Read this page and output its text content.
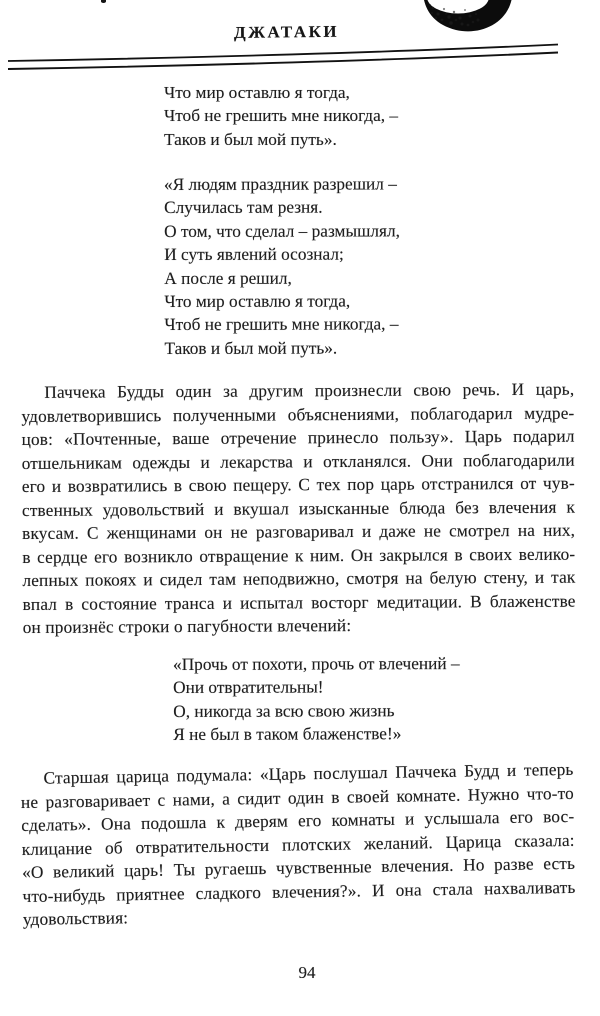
ДЖАТАКИ
Что мир оставлю я тогда,
Чтоб не грешить мне никогда, –
Таков и был мой путь».
«Я людям праздник разрешил –
Случилась там резня.
О том, что сделал – размышлял,
И суть явлений осознал;
А после я решил,
Что мир оставлю я тогда,
Чтоб не грешить мне никогда, –
Таков и был мой путь».
Паччека Будды один за другим произнесли свою речь. И царь,
удовлетворившись полученными объяснениями, поблагодарил мудре-
цов: «Почтенные, ваше отречение принесло пользу». Царь подарил
отшельникам одежды и лекарства и откланялся. Они поблагодарили
его и возвратились в свою пещеру. С тех пор царь отстранился от чув-
ственных удовольствий и вкушал изысканные блюда без влечения к
вкусам. С женщинами он не разговаривал и даже не смотрел на них,
в сердце его возникло отвращение к ним. Он закрылся в своих велико-
лепных покоях и сидел там неподвижно, смотря на белую стену, и так
впал в состояние транса и испытал восторг медитации. В блаженстве
он произнёс строки о пагубности влечений:
«Прочь от похоти, прочь от влечений –
Они отвратительны!
О, никогда за всю свою жизнь
Я не был в таком блаженстве!»
Старшая царица подумала: «Царь послушал Паччека Будд и теперь
не разговаривает с нами, а сидит один в своей комнате. Нужно что-то
сделать». Она подошла к дверям его комнаты и услышала его вос-
клицание об отвратительности плотских желаний. Царица сказала:
«О великий царь! Ты ругаешь чувственные влечения. Но разве есть
что-нибудь приятнее сладкого влечения?». И она стала нахваливать
удовольствия:
94
